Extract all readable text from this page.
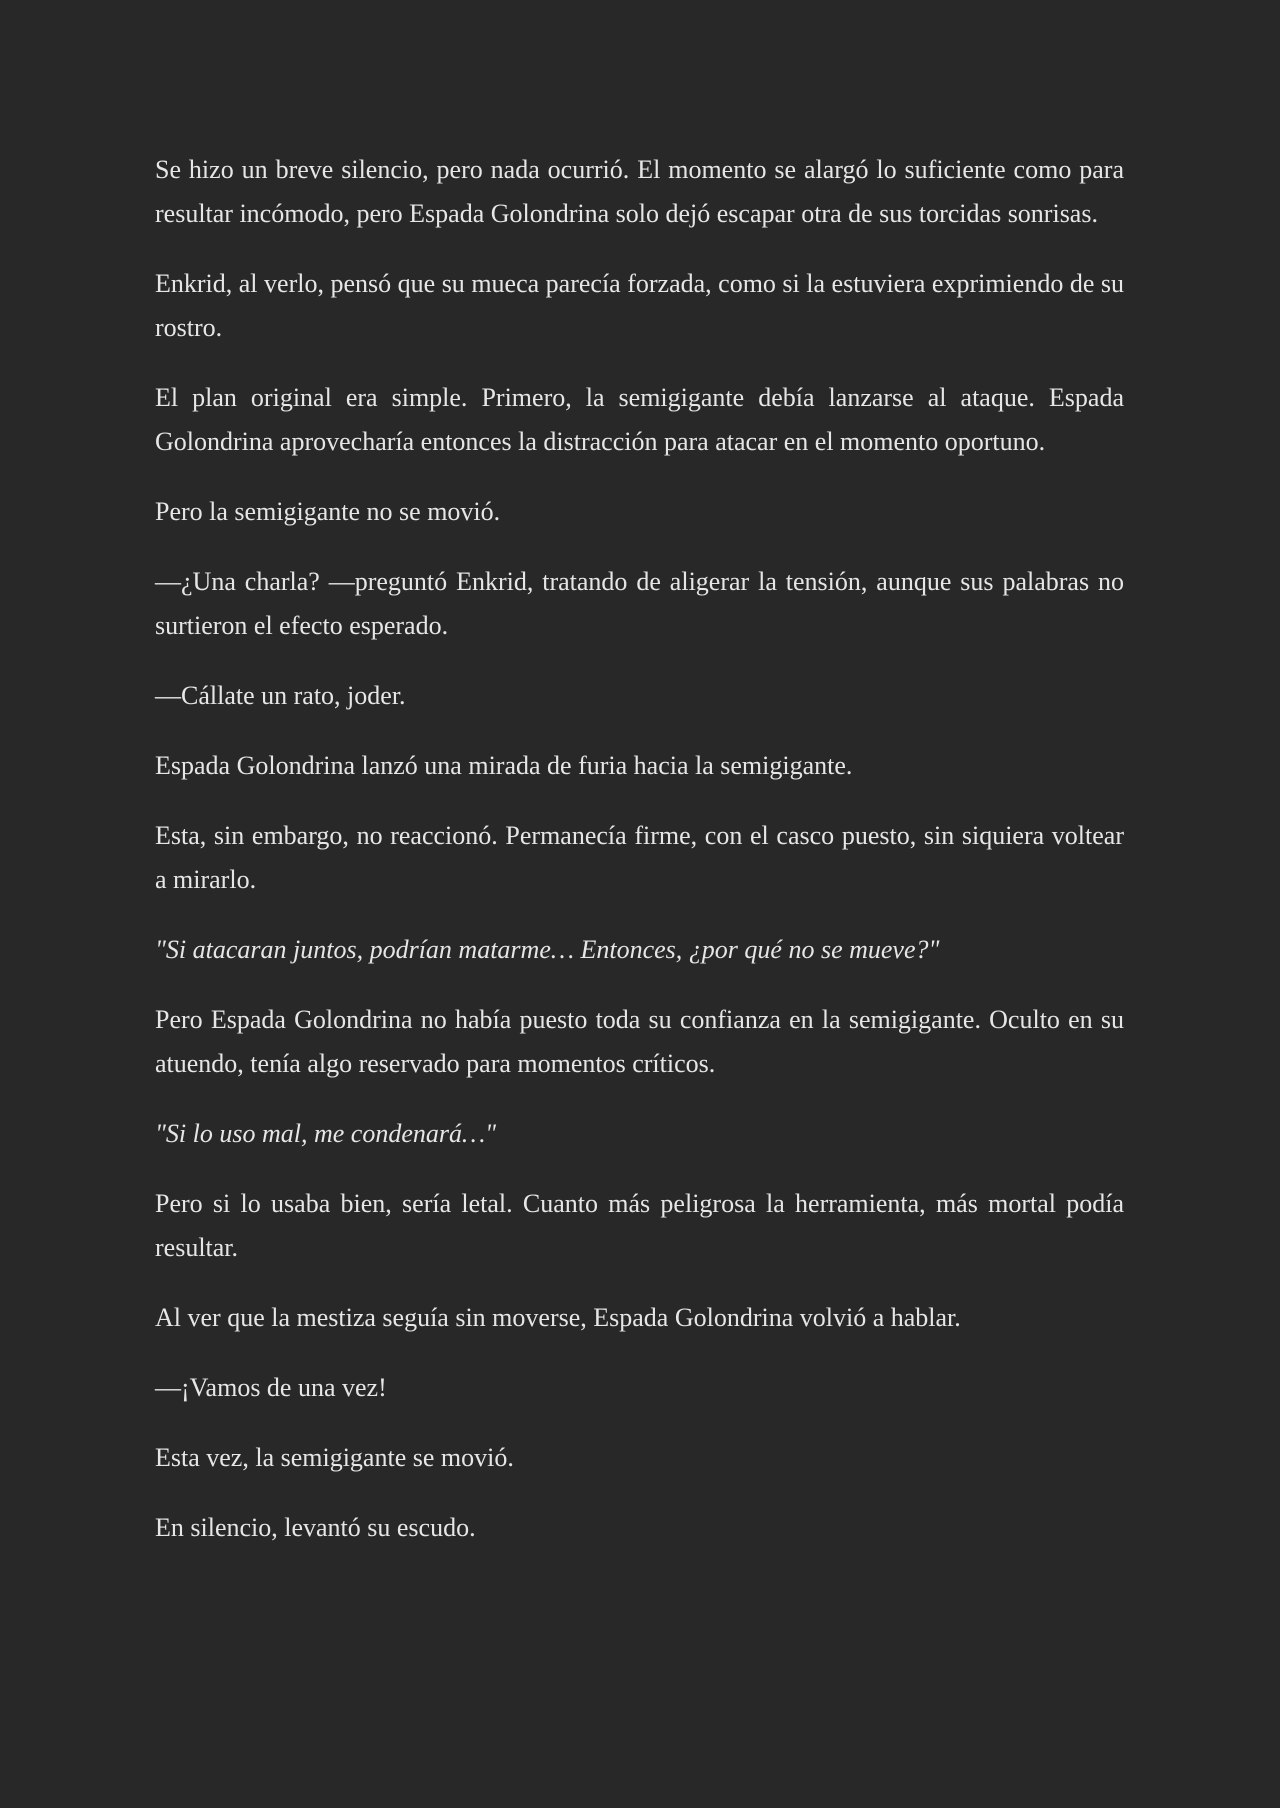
Se hizo un breve silencio, pero nada ocurrió. El momento se alargó lo suficiente como para resultar incómodo, pero Espada Golondrina solo dejó escapar otra de sus torcidas sonrisas.

Enkrid, al verlo, pensó que su mueca parecía forzada, como si la estuviera exprimiendo de su rostro.

El plan original era simple. Primero, la semigigante debía lanzarse al ataque. Espada Golondrina aprovecharía entonces la distracción para atacar en el momento oportuno.

Pero la semigigante no se movió.

—¿Una charla? —preguntó Enkrid, tratando de aligerar la tensión, aunque sus palabras no surtieron el efecto esperado.

—Cállate un rato, joder.

Espada Golondrina lanzó una mirada de furia hacia la semigigante.

Esta, sin embargo, no reaccionó. Permanecía firme, con el casco puesto, sin siquiera voltear a mirarlo.

"Si atacaran juntos, podrían matarme… Entonces, ¿por qué no se mueve?"

Pero Espada Golondrina no había puesto toda su confianza en la semigigante. Oculto en su atuendo, tenía algo reservado para momentos críticos.

"Si lo uso mal, me condenará…"

Pero si lo usaba bien, sería letal. Cuanto más peligrosa la herramienta, más mortal podía resultar.

Al ver que la mestiza seguía sin moverse, Espada Golondrina volvió a hablar.

—¡Vamos de una vez!

Esta vez, la semigigante se movió.

En silencio, levantó su escudo.
